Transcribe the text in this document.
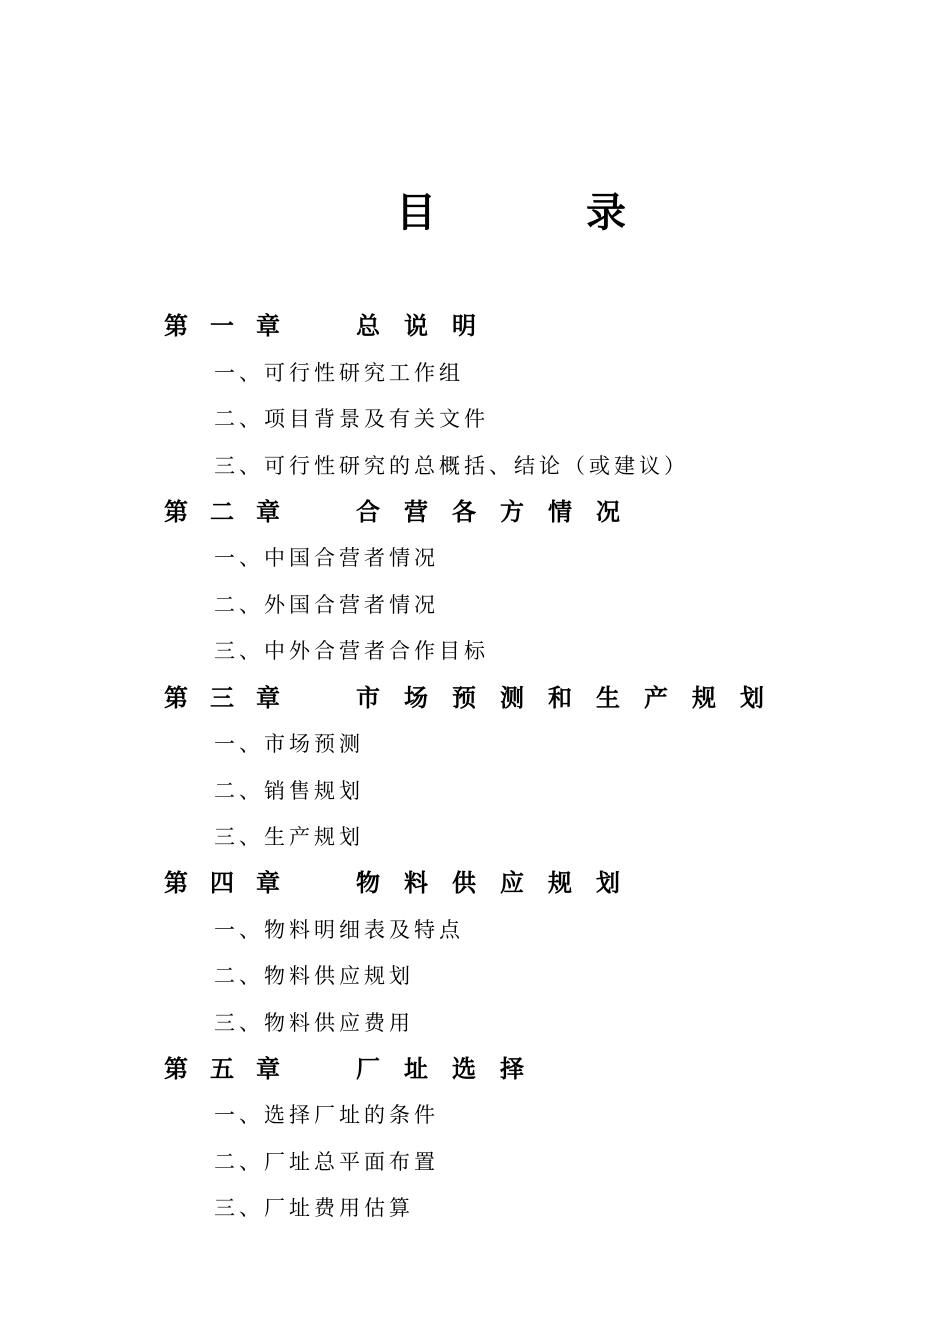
目	录
第一章 总说明
一、可行性研究工作组
二、项目背景及有关文件
三、可行性研究的总概括、结论（或建议）
第二章 合营各方情况
一、中国合营者情况
二、外国合营者情况
三、中外合营者合作目标
第三章 市场预测和生产规划
一、市场预测
二、销售规划
三、生产规划
第四章 物料供应规划
一、物料明细表及特点
二、物料供应规划
三、物料供应费用
第五章 厂址选择
一、选择厂址的条件
二、厂址总平面布置
三、厂址费用估算
